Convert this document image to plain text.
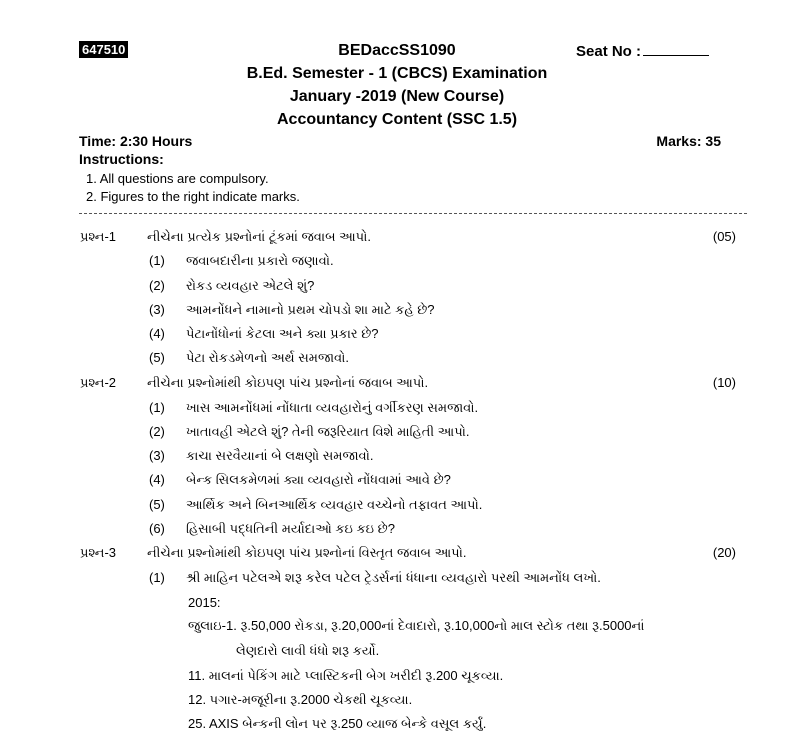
647510	BEDaccSS1090	Seat No :
B.Ed. Semester - 1 (CBCS) Examination
January -2019 (New Course)
Accountancy Content (SSC 1.5)
Time: 2:30 Hours	Marks: 35
Instructions:
1. All questions are compulsory.
2. Figures to the right indicate marks.
પ્રશ્ન-1 નીચેના પ્રત્યેક પ્રશ્નોનાં ટૂંકમાં જવાબ આપો.	(05)
(1) જવાબદારીના પ્રકારો જણાવો.
(2) રોકડ વ્યવહાર એટલે શું?
(3) આમનોંધને નામાનો પ્રથમ ચોપડો શા માટે કહે છે?
(4) પેટાનોંધોનાં કેટલા અને ક્યા પ્રકાર છે?
(5) પેટા રોકડમેળનો અર્થ સમજાવો.
પ્રશ્ન-2 નીચેના પ્રશ્નોમાંથી કોઇપણ પાંચ પ્રશ્નોનાં જવાબ આપો.	(10)
(1) ખાસ આમનોંધમાં નોંધાતા વ્યવહારોનું વર્ગીકરણ સમજાવો.
(2) ખાતાવહી એટલે શું? તેની જરૂરિયાત વિશે માહિતી આપો.
(3) કાચા સરવૈયાનાં બે લક્ષણો સમજાવો.
(4) બેન્ક સિલકમેળમાં ક્યા વ્યવહારો નોંધવામાં આવે છે?
(5) આર્થિક અને બિનઆર્થિક વ્યવહાર વચ્ચેનો તફાવત આપો.
(6) હિસાબી પદ્ધતિની મર્યાદાઓ કઇ કઇ છે?
પ્રશ્ન-3 નીચેના પ્રશ્નોમાંથી કોઇપણ પાંચ પ્રશ્નોનાં વિસ્તૃત જવાબ આપો.	(20)
(1) શ્રી માહિન પટેલએ શરૂ કરેલ પટેલ ટ્રેડર્સનાં ધંધાના વ્યવહારો પરથી આમનોંધ લખો.
2015:
જુલાઇ-1. રૂ.50,000 રોકડા, રૂ.20,000નાં દેવાદારો, રૂ.10,000નો માલ સ્ટોક તથા રૂ.5000નાં
લેણદારો લાવી ધંધો શરૂ કર્યો.
11. માલનાં પેકિંગ માટે પ્લાસ્ટિકની બેગ ખરીદી રૂ.200 ચૂકવ્યા.
12. પગાર-મજૂરીના રૂ.2000 ચેકથી ચૂકવ્યા.
25. AXIS બેન્કની લોન પર રૂ.250 વ્યાજ બેન્કે વસૂલ કર્યું.
